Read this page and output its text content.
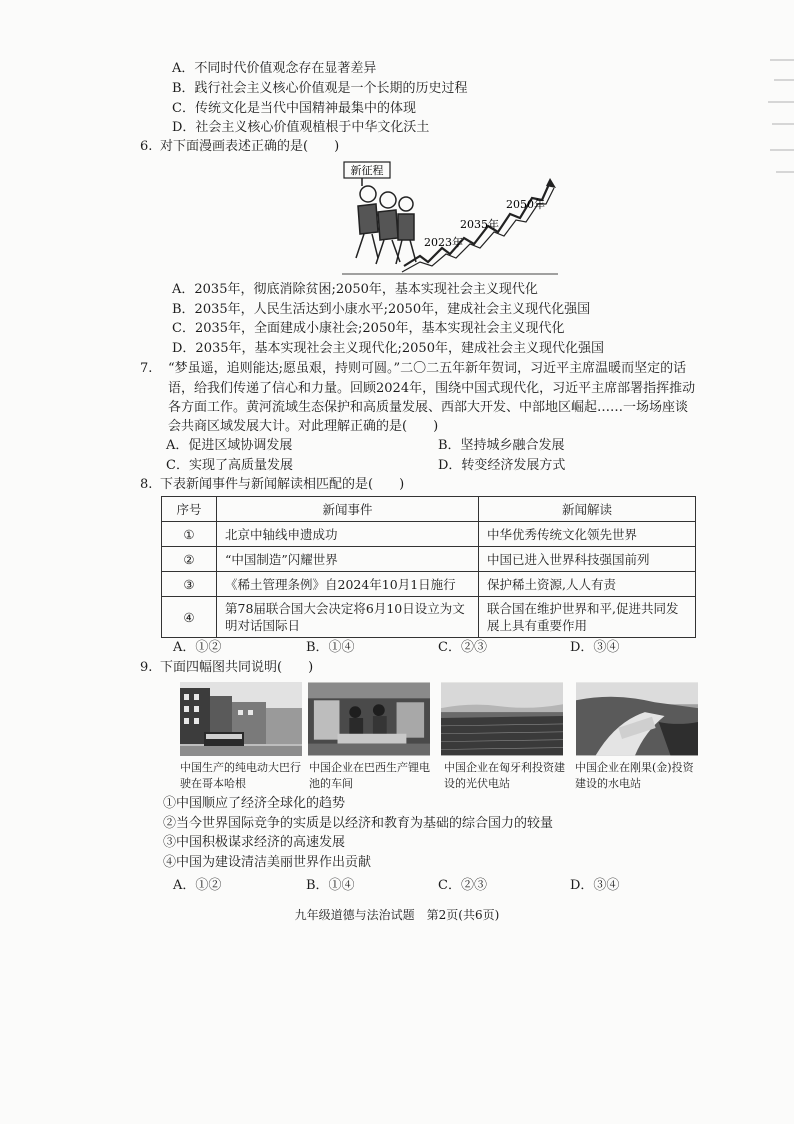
A．不同时代价值观念存在显著差异
B．践行社会主义核心价值观是一个长期的历史过程
C．传统文化是当代中国精神最集中的体现
D．社会主义核心价值观植根于中华文化沃土
6. 对下面漫画表述正确的是(　　)
新征程
2023年
2035年
2050年
A．2035年，彻底消除贫困;2050年，基本实现社会主义现代化
B．2035年，人民生活达到小康水平;2050年，建成社会主义现代化强国
C．2035年，全面建成小康社会;2050年，基本实现社会主义现代化
D．2035年，基本实现社会主义现代化;2050年，建成社会主义现代化强国
7. “梦虽遥，追则能达;愿虽艰，持则可圆。”二〇二五年新年贺词，习近平主席温暖而坚定的话
语，给我们传递了信心和力量。回顾2024年，围绕中国式现代化，习近平主席部署指挥推动
各方面工作。黄河流域生态保护和高质量发展、西部大开发、中部地区崛起……一场场座谈
会共商区域发展大计。对此理解正确的是(　　)
A．促进区域协调发展	B．坚持城乡融合发展
C．实现了高质量发展	D．转变经济发展方式
8. 下表新闻事件与新闻解读相匹配的是(　　)
序号	新闻事件	新闻解读
①	北京中轴线申遗成功	中华优秀传统文化领先世界
②	“中国制造”闪耀世界	中国已进入世界科技强国前列
③	《稀土管理条例》自2024年10月1日施行	保护稀土资源,人人有责
④	第78届联合国大会决定将6月10日设立为文明对话国际日	联合国在维护世界和平,促进共同发展上具有重要作用
A．①②	B．①④	C．②③	D．③④
9. 下面四幅图共同说明(　　)
中国生产的纯电动大巴行驶在哥本哈根
中国企业在巴西生产锂电池的车间
中国企业在匈牙利投资建设的光伏电站
中国企业在刚果(金)投资建设的水电站
①中国顺应了经济全球化的趋势
②当今世界国际竞争的实质是以经济和教育为基础的综合国力的较量
③中国积极谋求经济的高速发展
④中国为建设清洁美丽世界作出贡献
A．①②	B．①④	C．②③	D．③④
九年级道德与法治试题　第2页(共6页)
